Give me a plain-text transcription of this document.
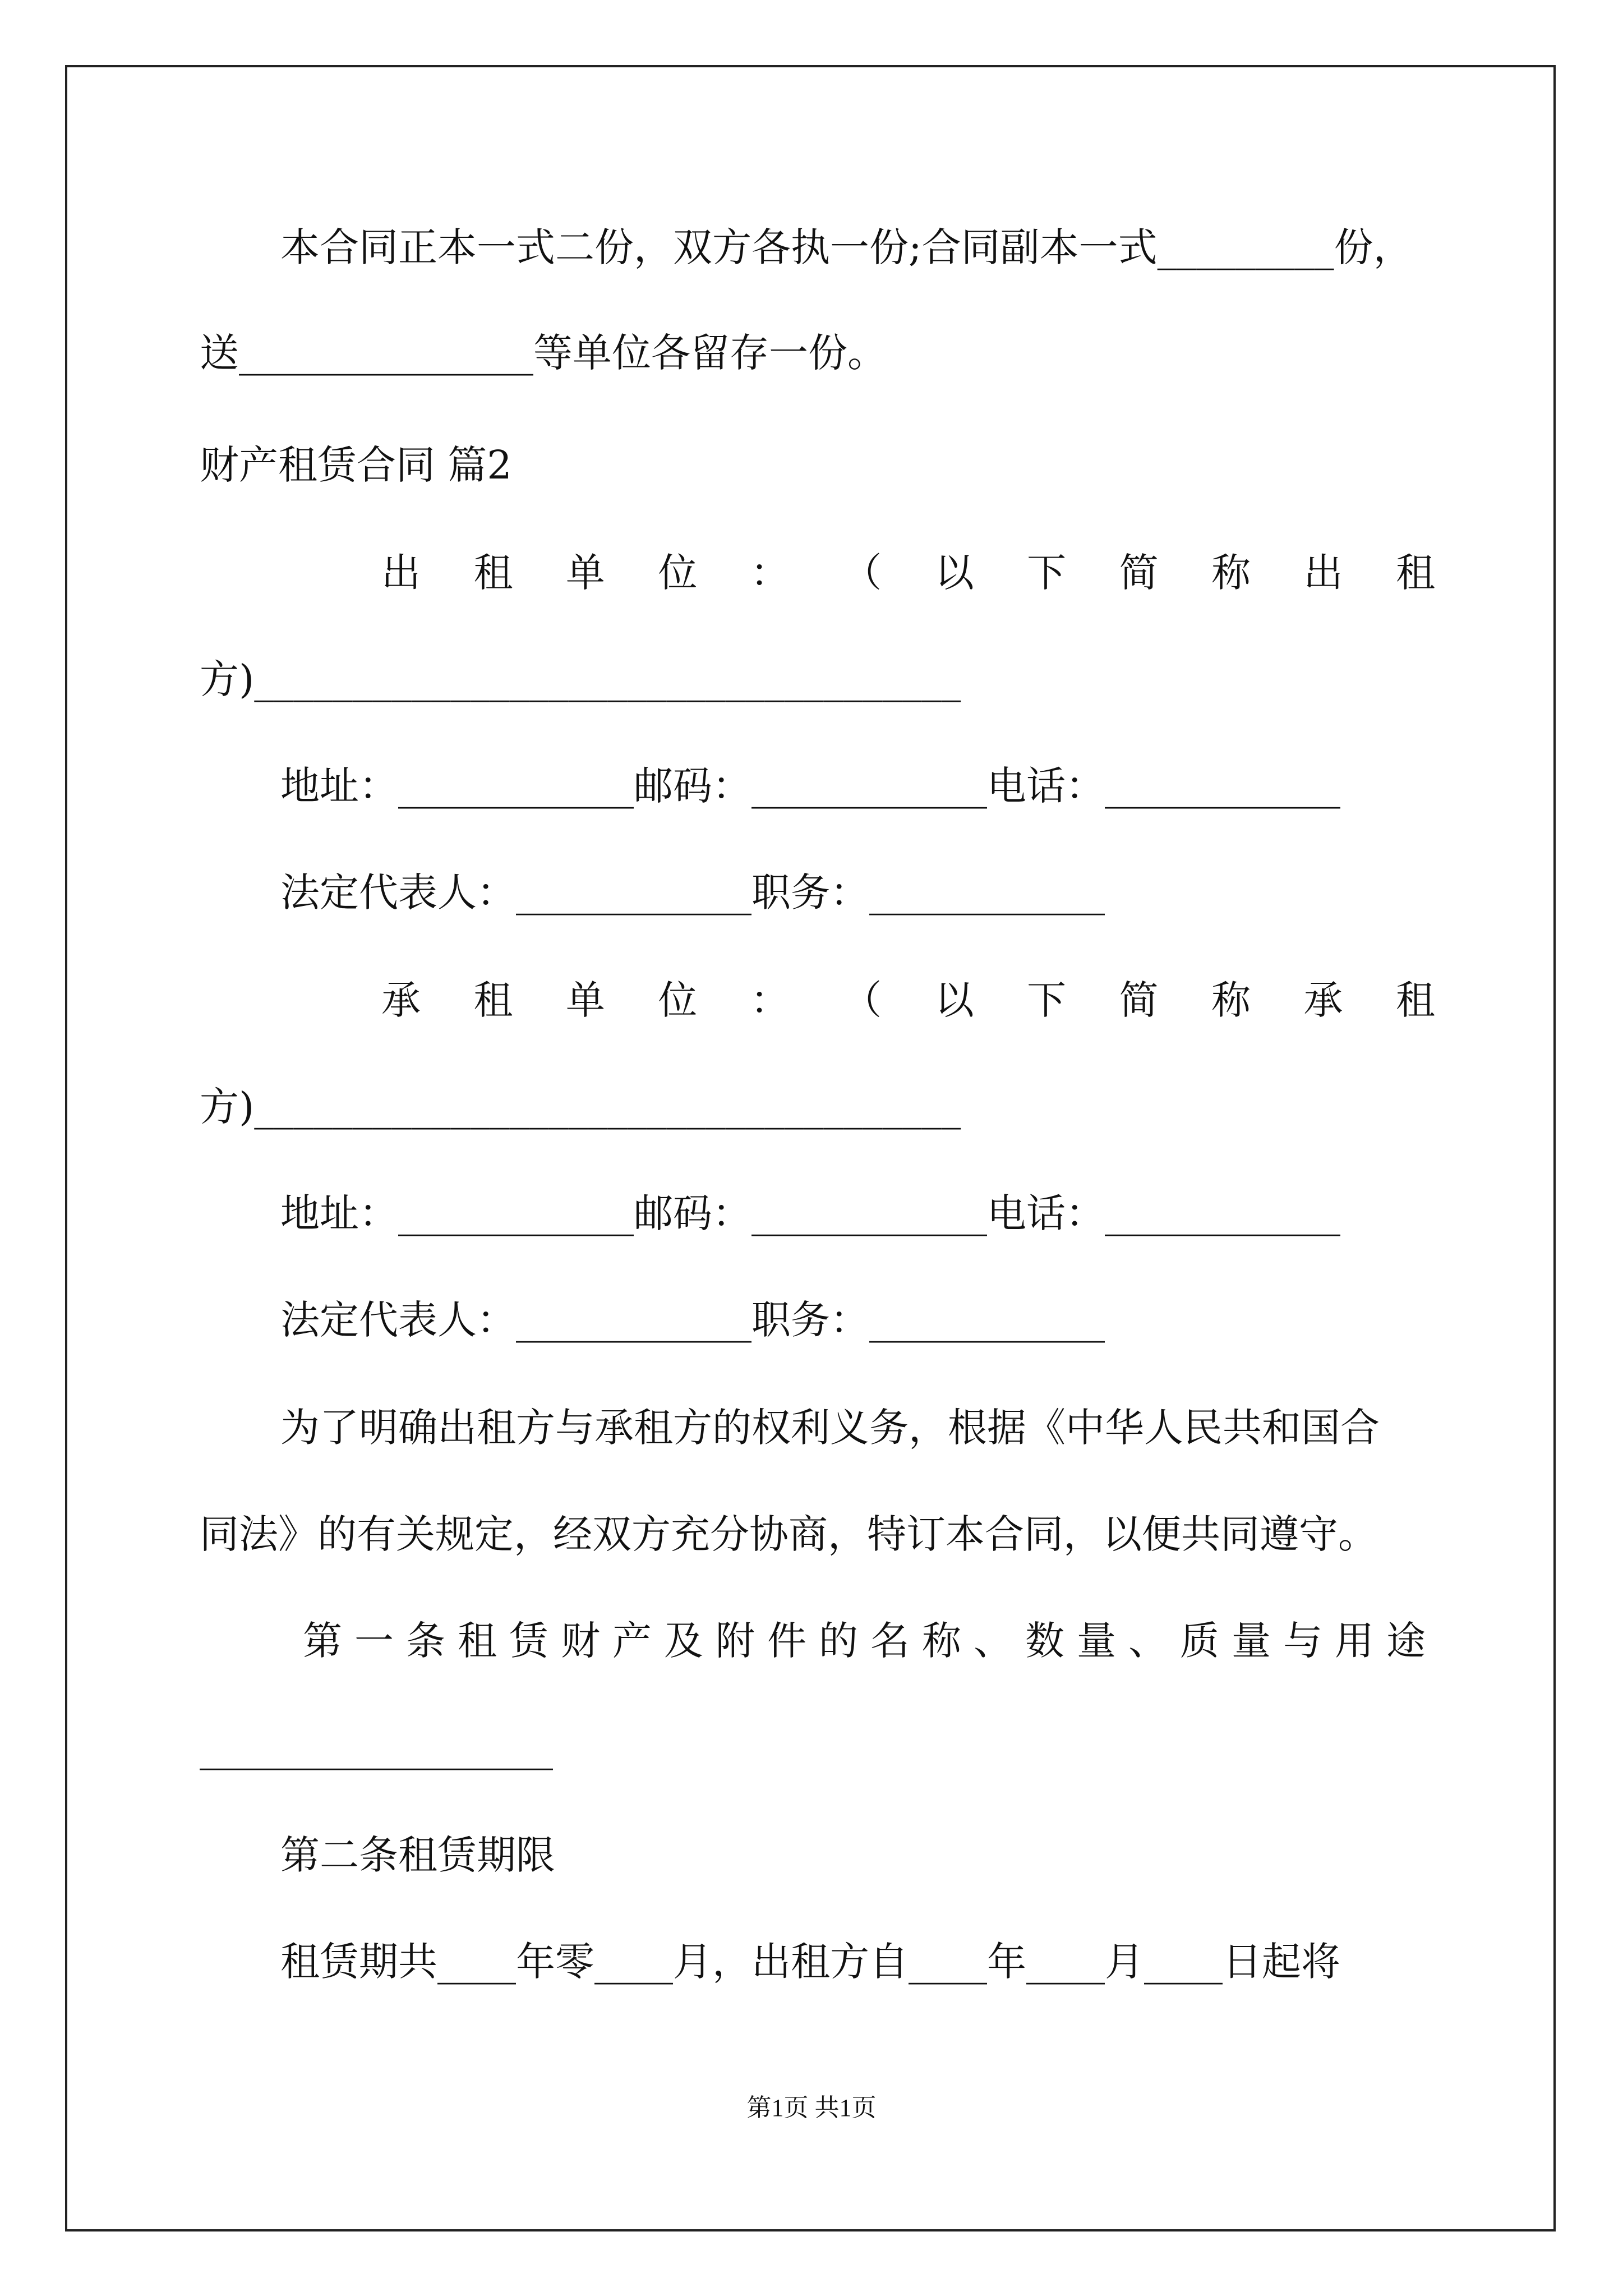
本合同正本一式二份，双方各执一份;合同副本一式_________份，

送_______________等单位各留存一份。

财产租赁合同 篇2

出 租 单 位 ： （ 以 下 简 称 出 租

方)____________________________________

地址：____________邮码：____________电话：____________

法定代表人：____________职务：____________

承 租 单 位 ： （ 以 下 简 称 承 租

方)____________________________________

地址：____________邮码：____________电话：____________

法定代表人：____________职务：____________

为了明确出租方与承租方的权利义务，根据《中华人民共和国合

同法》的有关规定，经双方充分协商，特订本合同，以便共同遵守。

第一条租赁财产及附件的名称、数量、质量与用途

__________________

第二条租赁期限

租赁期共____年零____月，出租方自____年____月____日起将

第1页 共1页
